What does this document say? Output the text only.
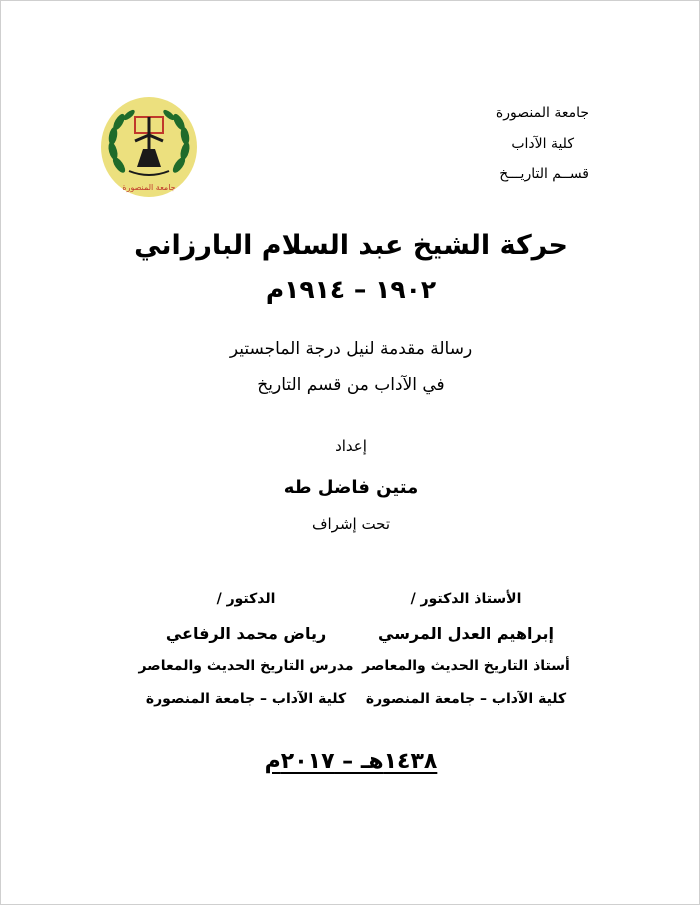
جامعة المنصورة
كلية الآداب
قســم التاريـــخ
جامعة المنصورة
حركة الشيخ عبد السلام البارزاني
١٩٠٢ – ١٩١٤م
رسالة مقدمة لنيل درجة الماجستير
في الآداب من قسم التاريخ
إعداد
متين فاضل طه
تحت إشراف
الأستاذ الدكتور /
الدكتور /
إبراهيم العدل المرسي
رياض محمد الرفاعي
أستاذ التاريخ الحديث والمعاصر
مدرس التاريخ الحديث والمعاصر
كلية الآداب – جامعة المنصورة
كلية الآداب – جامعة المنصورة
١٤٣٨هـ – ٢٠١٧م
